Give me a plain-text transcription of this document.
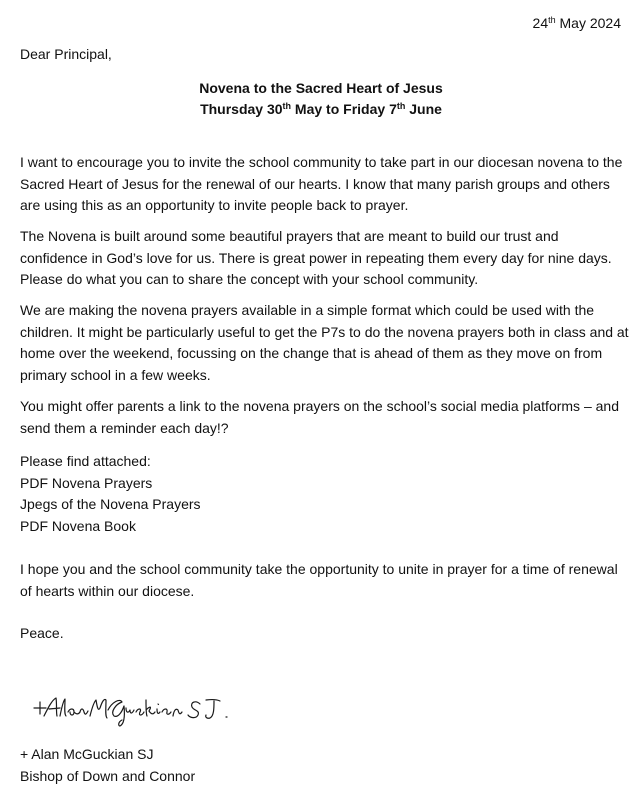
24th May 2024
Dear Principal,
Novena to the Sacred Heart of Jesus
Thursday 30th May to Friday 7th June

I want to encourage you to invite the school community to take part in our diocesan novena to the Sacred Heart of Jesus for the renewal of our hearts. I know that many parish groups and others are using this as an opportunity to invite people back to prayer.

The Novena is built around some beautiful prayers that are meant to build our trust and confidence in God’s love for us. There is great power in repeating them every day for nine days. Please do what you can to share the concept with your school community.

We are making the novena prayers available in a simple format which could be used with the children. It might be particularly useful to get the P7s to do the novena prayers both in class and at home over the weekend, focussing on the change that is ahead of them as they move on from primary school in a few weeks.

You might offer parents a link to the novena prayers on the school’s social media platforms – and send them a reminder each day!?

Please find attached:
PDF Novena Prayers
Jpegs of the Novena Prayers
PDF Novena Book

I hope you and the school community take the opportunity to unite in prayer for a time of renewal of hearts within our diocese.

Peace.
+ Alan McGuckian SJ
Bishop of Down and Connor
